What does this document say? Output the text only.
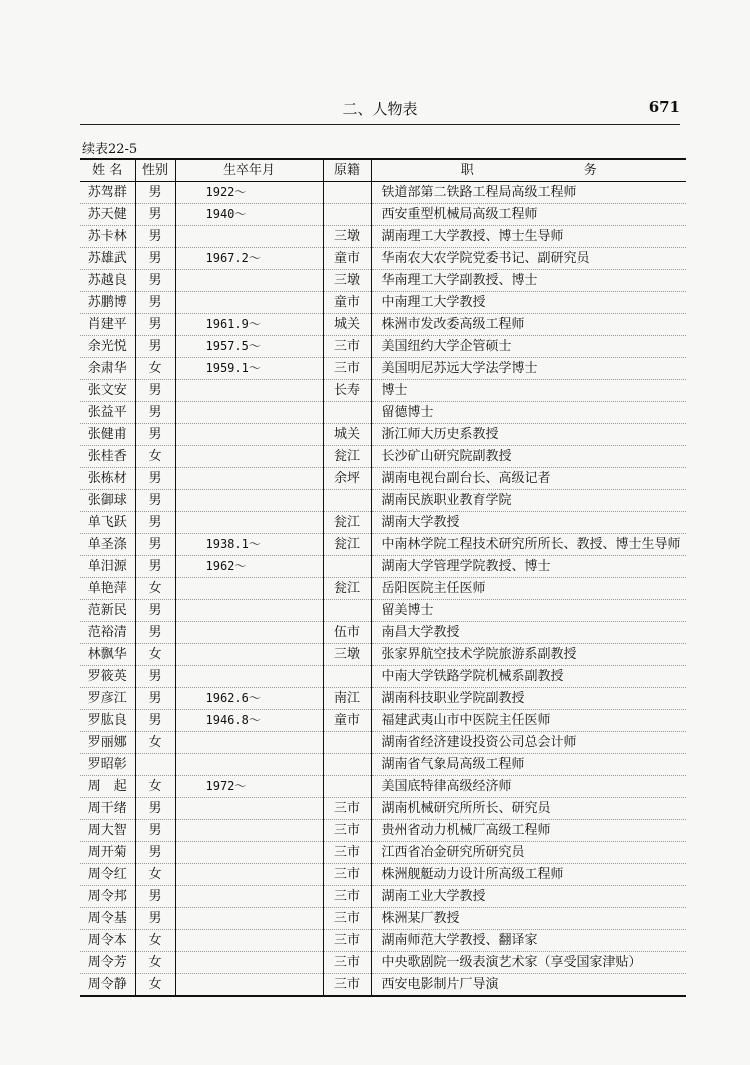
二、人物表	671
续表22-5
姓 名	性别	生卒年月	原籍	职 务
苏驾群	男	1922～		铁道部第二铁路工程局高级工程师
苏天健	男	1940～		西安重型机械局高级工程师
苏卡林	男		三墩	湖南理工大学教授、博士生导师
苏雄武	男	1967.2～	童市	华南农大农学院党委书记、副研究员
苏越良	男		三墩	华南理工大学副教授、博士
苏鹏博	男		童市	中南理工大学教授
肖建平	男	1961.9～	城关	株洲市发改委高级工程师
余光悦	男	1957.5～	三市	美国纽约大学企管硕士
余肃华	女	1959.1～	三市	美国明尼苏远大学法学博士
张文安	男		长寿	博士
张益平	男			留德博士
张健甫	男		城关	浙江师大历史系教授
张桂香	女		瓮江	长沙矿山研究院副教授
张栋材	男		余坪	湖南电视台副台长、高级记者
张御球	男			湖南民族职业教育学院
单飞跃	男		瓮江	湖南大学教授
单圣涤	男	1938.1～	瓮江	中南林学院工程技术研究所所长、教授、博士生导师
单汨源	男	1962～		湖南大学管理学院教授、博士
单艳萍	女		瓮江	岳阳医院主任医师
范新民	男			留美博士
范裕清	男		伍市	南昌大学教授
林飘华	女		三墩	张家界航空技术学院旅游系副教授
罗筱英	男			中南大学铁路学院机械系副教授
罗彦江	男	1962.6～	南江	湖南科技职业学院副教授
罗肱良	男	1946.8～	童市	福建武夷山市中医院主任医师
罗丽娜	女			湖南省经济建设投资公司总会计师
罗昭彰				湖南省气象局高级工程师
周　起	女	1972～		美国底特律高级经济师
周干绪	男		三市	湖南机械研究所所长、研究员
周大智	男		三市	贵州省动力机械厂高级工程师
周开菊	男		三市	江西省冶金研究所研究员
周令红	女		三市	株洲舰艇动力设计所高级工程师
周令邦	男		三市	湖南工业大学教授
周令基	男		三市	株洲某厂教授
周令本	女		三市	湖南师范大学教授、翻译家
周令芳	女		三市	中央歌剧院一级表演艺术家（享受国家津贴）
周令静	女		三市	西安电影制片厂导演
